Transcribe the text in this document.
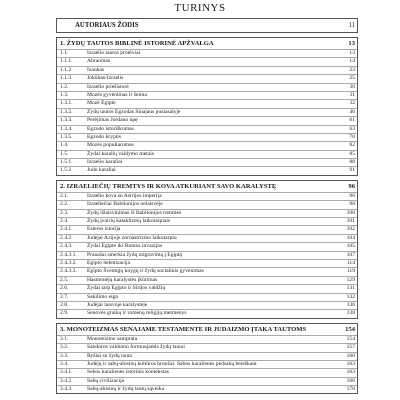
TURINYS
AUTORIAUS ŽODIS	11
1. ŽYDŲ TAUTOS BIBLINĖ ISTORINĖ APŽVALGA	13
1.1.	Izraelio tautos protėviai	13
1.1.1.	Abraomas	14
1.1.2.	Izaokas	23
1.1.3.	Jokūbas-Izraelis	25
1.2.	Izraelio priešistorė	30
1.3.	Mozės gyvenimas ir šeima	31
1.3.1.	Mozė Egipte	32
1.3.2.	Žydų tautos Egzodas Sinajaus pusiasalyje	46
1.3.3.	Perėjimas Jordano upę	61
1.3.4.	Egzodo istoriškumas	63
1.3.5.	Egzodo kryptis	70
1.4.	Mozės populiarumas	82
1.5.	Žydai karalių valdymo metais	85
1.5.1.	Izraelio karaliai	88
1.5.2.	Judo karaliai	91
2. IZRAELIEČIŲ TREMTYS IR KOVA ATKURIANT SAVO KARALYSTĘ	96
2.1.	Izraelio kova su Asirijos imperija	96
2.2.	Izraeliečiai Babilonijos nelaisvėje	98
2.3.	Žydų išlaisvinimas iš Babilonijos tremties	100
2.4.	Žydų įvairių kataklizmų laikotarpiais	101
2.4.1.	Esteros istorija	102
2.4.2.	Judėjai Azijoje zoroastrizmo laikotarpiu	104
2.4.3.	Žydai Egipte iki Romos invazijos	105
2.4.3.1. Pranašai smerkia žydų migravimą į Egiptą	107
2.4.3.2. Egipto helenizacija	114
2.4.3.3. Egipto Šventųjų knygų ir žydų socialinis gyvenimas	119
2.5.	Hasmonėjų karalystės įkūrimas	129
2.6.	Žydai tarp Egipto ir Sirijos valdžių	131
2.7.	Sakilimo eiga	132
2.8.	Judėjai laisvoje karalystėje	136
2.9.	Senovės graikų ir romėnų religijų metmenys	138
3. MONOTEIZMAS SENAJAME TESTAMENTE IR JUDAIZMO ĮTAKA TAUTOMS	154
3.1.	Monoteizmo samprata	154
3.2.	Sandoros valdumo formuojantis žydų tautai	157
3.3.	Ryšiai su žydų tauta	160
3.4.	Judėjų ir sabų-abisinų kultūros bruožai: Sabos karalienės pėdsakų beieškant	163
3.4.1.	Sebos karalienės istorinis kontekstas	163
3.4.2.	Sabų civilizacija	166
3.4.3.	Sabų-abisinų ir žydų tautų sąveika	170
